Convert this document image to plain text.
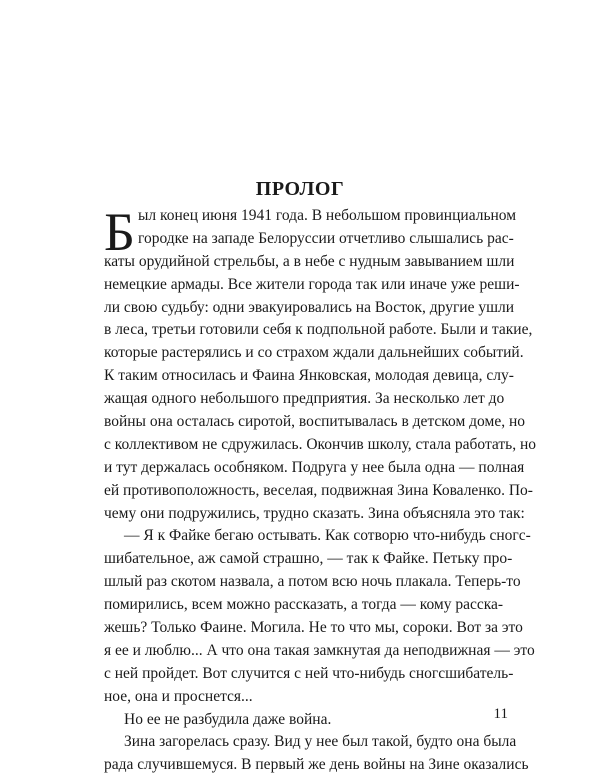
ПРОЛОГ
Б ыл конец июня 1941 года. В небольшом провинциальном
городке на западе Белоруссии отчетливо слышались рас-
каты орудийной стрельбы, а в небе с нудным завыванием шли
немецкие армады. Все жители города так или иначе уже реши-
ли свою судьбу: одни эвакуировались на Восток, другие ушли
в леса, третьи готовили себя к подпольной работе. Были и такие,
которые растерялись и со страхом ждали дальнейших событий.
К таким относилась и Фаина Янковская, молодая девица, слу-
жащая одного небольшого предприятия. За несколько лет до
войны она осталась сиротой, воспитывалась в детском доме, но
с коллективом не сдружилась. Окончив школу, стала работать, но
и тут держалась особняком. Подруга у нее была одна — полная
ей противоположность, веселая, подвижная Зина Коваленко. По-
чему они подружились, трудно сказать. Зина объясняла это так:
— Я к Файке бегаю остывать. Как сотворю что-нибудь сногс-
шибательное, аж самой страшно, — так к Файке. Петьку про-
шлый раз скотом назвала, а потом всю ночь плакала. Теперь-то
помирились, всем можно рассказать, а тогда — кому расска-
жешь? Только Фаине. Могила. Не то что мы, сороки. Вот за это
я ее и люблю... А что она такая замкнутая да неподвижная — это
с ней пройдет. Вот случится с ней что-нибудь сногсшибатель-
ное, она и проснется...
Но ее не разбудила даже война.
Зина загорелась сразу. Вид у нее был такой, будто она была
рада случившемуся. В первый же день войны на Зине оказались
11
